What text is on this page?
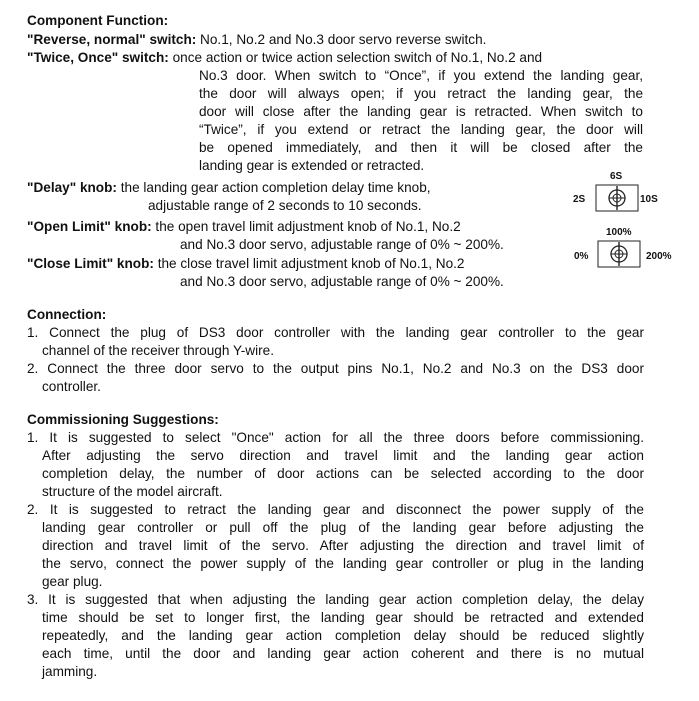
Component Function:
"Reverse, normal" switch: No.1, No.2 and No.3 door servo reverse switch.
"Twice, Once" switch: once action or twice action selection switch of No.1, No.2 and
No.3 door. When switch to “Once”, if you extend the landing gear,
the door will always open; if you retract the landing gear, the
door will close after the landing gear is retracted. When switch to
“Twice”, if you extend or retract the landing gear, the door will
be opened immediately, and then it will be closed after the
landing gear is extended or retracted.
"Delay" knob: the landing gear action completion delay time knob,
adjustable range of 2 seconds to 10 seconds.
"Open Limit" knob: the open travel limit adjustment knob of No.1, No.2
and No.3 door servo, adjustable range of 0% ~ 200%.
"Close Limit" knob: the close travel limit adjustment knob of No.1, No.2
and No.3 door servo, adjustable range of 0% ~ 200%.
6S
2S	10S
100%
0%	200%
Connection:
1. Connect the plug of DS3 door controller with the landing gear controller to the gear
channel of the receiver through Y-wire.
2. Connect the three door servo to the output pins No.1, No.2 and No.3 on the DS3 door
controller.
Commissioning Suggestions:
1. It is suggested to select "Once" action for all the three doors before commissioning.
After adjusting the servo direction and travel limit and the landing gear action
completion delay, the number of door actions can be selected according to the door
structure of the model aircraft.
2. It is suggested to retract the landing gear and disconnect the power supply of the
landing gear controller or pull off the plug of the landing gear before adjusting the
direction and travel limit of the servo. After adjusting the direction and travel limit of
the servo, connect the power supply of the landing gear controller or plug in the landing
gear plug.
3. It is suggested that when adjusting the landing gear action completion delay, the delay
time should be set to longer first, the landing gear should be retracted and extended
repeatedly, and the landing gear action completion delay should be reduced slightly
each time, until the door and landing gear action coherent and there is no mutual
jamming.
